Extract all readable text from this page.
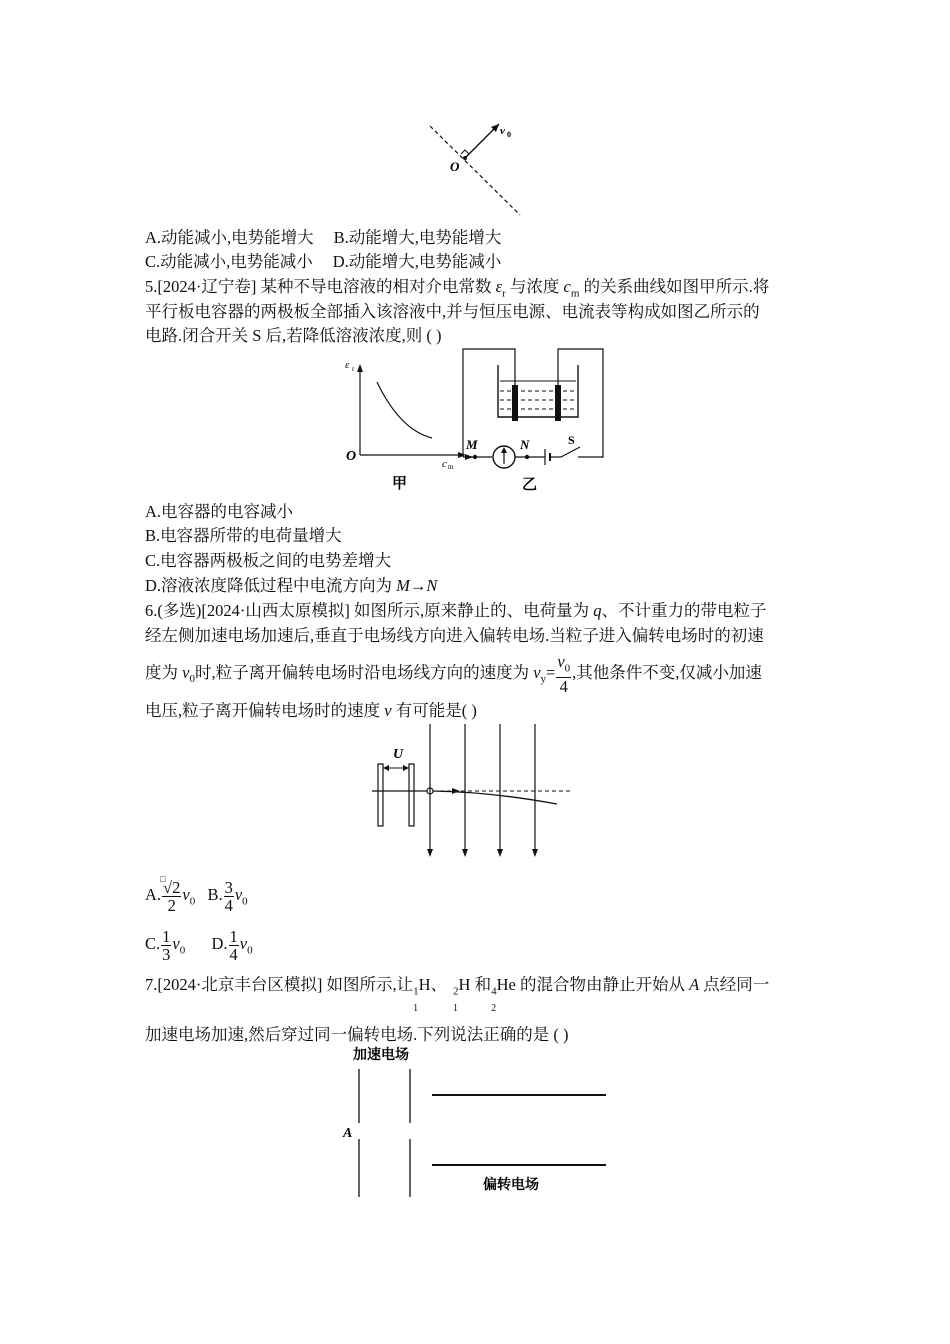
v 0
O
A.动能减小,电势能增大 B.动能增大,电势能增大
C.动能减小,电势能减小 D.动能增大,电势能减小
5.[2024·辽宁卷] 某种不导电溶液的相对介电常数 $\varepsilon_r$ 与浓度 $c_m$ 的关系曲线如图甲所示.将
平行板电容器的两极板全部插入该溶液中,并与恒压电源、电流表等构成如图乙所示的
电路.闭合开关 S 后,若降低溶液浓度,则 ( )
ε r
O	c m
甲
M	N	S
乙
A.电容器的电容减小
B.电容器所带的电荷量增大
C.电容器两极板之间的电势差增大
D.溶液浓度降低过程中电流方向为 M→N
6.(多选)[2024·山西太原模拟] 如图所示,原来静止的、电荷量为 q、不计重力的带电粒子
经左侧加速电场加速后,垂直于电场线方向进入偏转电场.当粒子进入偏转电场时的初速
度为 $v_0$时,粒子离开偏转电场时沿电场线方向的速度为 $v_y= \frac{v_0}{4}$ ,其他条件不变,仅减小加速
电压,粒子离开偏转电场时的速度 v 有可能是( )
U
A. □
√2
2 $v_0$ B. $\frac{3}{4} v_0$
C. $\frac{1}{3} v_0$ D. $\frac{1}{4} v_0$
7.[2024·北京丰台区模拟] 如图所示,让$_1$H
1
、 $_2$H
1
和$_4$He
2
的混合物由静止开始从 A 点经同一
加速电场加速,然后穿过同一偏转电场.下列说法正确的是 ( )
加速电场
A
偏转电场
